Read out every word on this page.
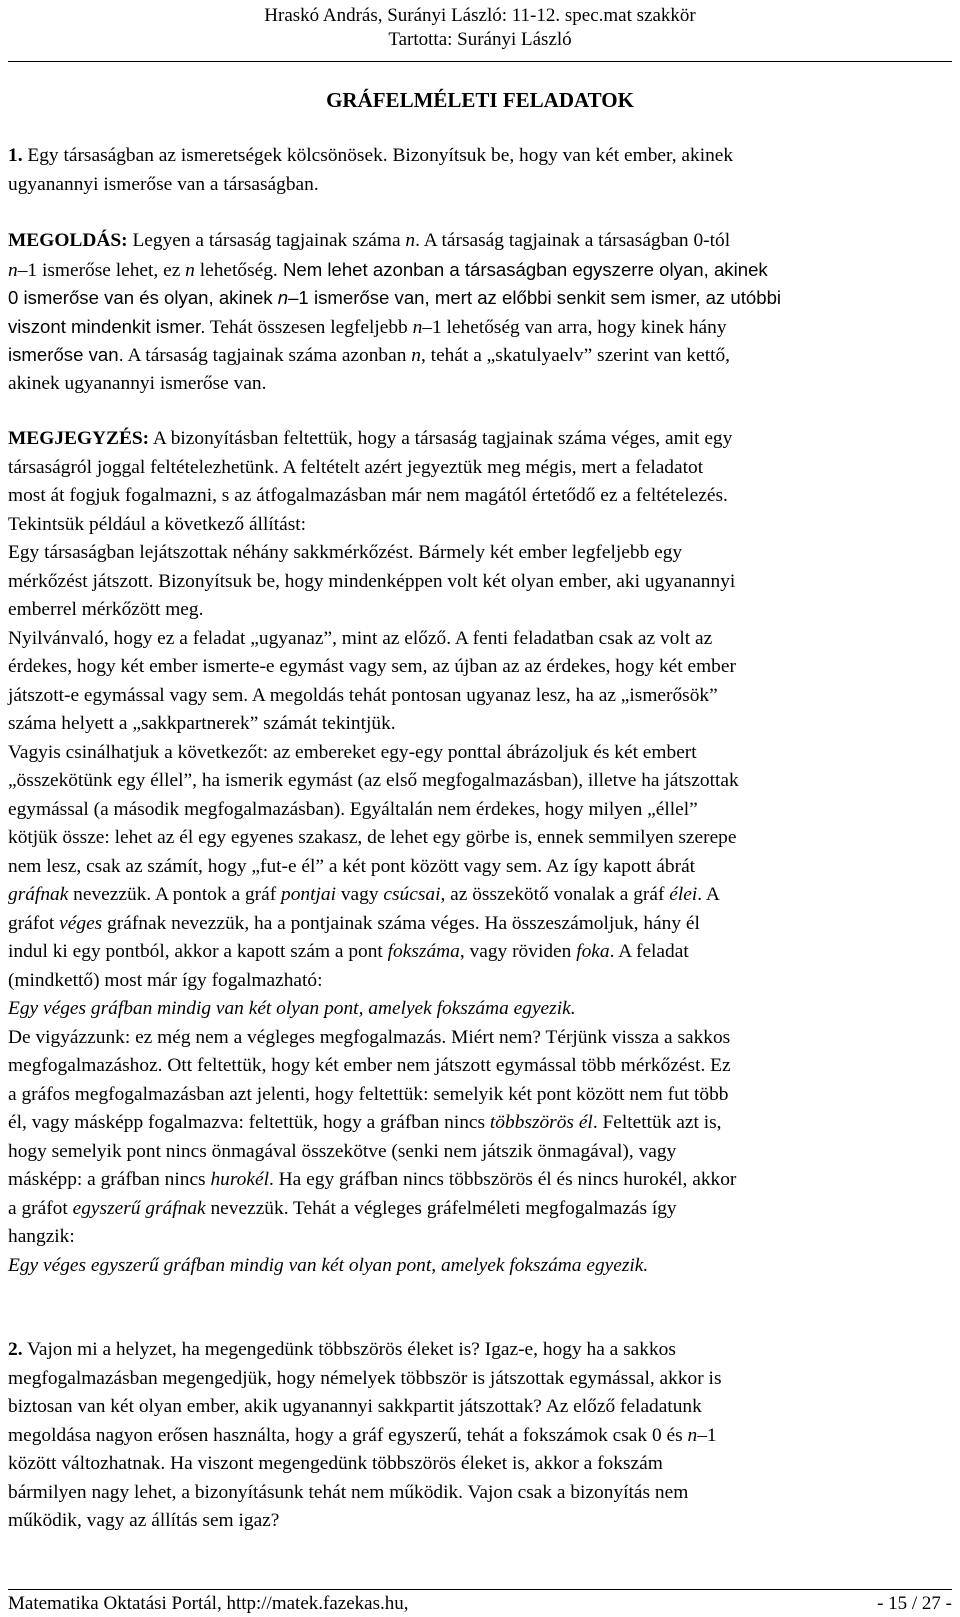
Hraskó András, Surányi László: 11-12. spec.mat szakkör
Tartotta: Surányi László
GRÁFELMÉLETI FELADATOK
1. Egy társaságban az ismeretségek kölcsönösek. Bizonyítsuk be, hogy van két ember, akinek
ugyanannyi ismerőse van a társaságban.
MEGOLDÁS: Legyen a társaság tagjainak száma n. A társaság tagjainak a társaságban 0-tól
n–1 ismerőse lehet, ez n lehetőség. Nem lehet azonban a társaságban egyszerre olyan, akinek
0 ismerőse van és olyan, akinek n–1 ismerőse van, mert az előbbi senkit sem ismer, az utóbbi
viszont mindenkit ismer. Tehát összesen legfeljebb n–1 lehetőség van arra, hogy kinek hány
ismerőse van. A társaság tagjainak száma azonban n, tehát a „skatulyaelv” szerint van kettő,
akinek ugyanannyi ismerőse van.
MEGJEGYZÉS: A bizonyításban feltettük, hogy a társaság tagjainak száma véges, amit egy
társaságról joggal feltételezhetünk. A feltételt azért jegyeztük meg mégis, mert a feladatot
most át fogjuk fogalmazni, s az átfogalmazásban már nem magától értetődő ez a feltételezés.
Tekintsük például a következő állítást:
Egy társaságban lejátszottak néhány sakkmérkőzést. Bármely két ember legfeljebb egy
mérkőzést játszott. Bizonyítsuk be, hogy mindenképpen volt két olyan ember, aki ugyanannyi
emberrel mérkőzött meg.
Nyilvánvaló, hogy ez a feladat „ugyanaz”, mint az előző. A fenti feladatban csak az volt az
érdekes, hogy két ember ismerte-e egymást vagy sem, az újban az az érdekes, hogy két ember
játszott-e egymással vagy sem. A megoldás tehát pontosan ugyanaz lesz, ha az „ismerősök”
száma helyett a „sakkpartnerek” számát tekintjük.
Vagyis csinálhatjuk a következőt: az embereket egy-egy ponttal ábrázoljuk és két embert
„összekötünk egy éllel”, ha ismerik egymást (az első megfogalmazásban), illetve ha játszottak
egymással (a második megfogalmazásban). Egyáltalán nem érdekes, hogy milyen „éllel”
kötjük össze: lehet az él egy egyenes szakasz, de lehet egy görbe is, ennek semmilyen szerepe
nem lesz, csak az számít, hogy „fut-e él” a két pont között vagy sem. Az így kapott ábrát
gráfnak nevezzük. A pontok a gráf pontjai vagy csúcsai, az összekötő vonalak a gráf élei. A
gráfot véges gráfnak nevezzük, ha a pontjainak száma véges. Ha összeszámoljuk, hány él
indul ki egy pontból, akkor a kapott szám a pont fokszáma, vagy röviden foka. A feladat
(mindkettő) most már így fogalmazható:
Egy véges gráfban mindig van két olyan pont, amelyek fokszáma egyezik.
De vigyázzunk: ez még nem a végleges megfogalmazás. Miért nem? Térjünk vissza a sakkos
megfogalmazáshoz. Ott feltettük, hogy két ember nem játszott egymással több mérkőzést. Ez
a gráfos megfogalmazásban azt jelenti, hogy feltettük: semelyik két pont között nem fut több
él, vagy másképp fogalmazva: feltettük, hogy a gráfban nincs többszörös él. Feltettük azt is,
hogy semelyik pont nincs önmagával összekötve (senki nem játszik önmagával), vagy
másképp: a gráfban nincs hurokél. Ha egy gráfban nincs többszörös él és nincs hurokél, akkor
a gráfot egyszerű gráfnak nevezzük. Tehát a végleges gráfelméleti megfogalmazás így
hangzik:
Egy véges egyszerű gráfban mindig van két olyan pont, amelyek fokszáma egyezik.
2. Vajon mi a helyzet, ha megengedünk többszörös éleket is? Igaz-e, hogy ha a sakkos
megfogalmazásban megengedjük, hogy némelyek többször is játszottak egymással, akkor is
biztosan van két olyan ember, akik ugyanannyi sakkpartit játszottak? Az előző feladatunk
megoldása nagyon erősen használta, hogy a gráf egyszerű, tehát a fokszámok csak 0 és n–1
között változhatnak. Ha viszont megengedünk többszörös éleket is, akkor a fokszám
bármilyen nagy lehet, a bizonyításunk tehát nem működik. Vajon csak a bizonyítás nem
működik, vagy az állítás sem igaz?
Matematika Oktatási Portál, http://matek.fazekas.hu,	- 15 / 27 -
